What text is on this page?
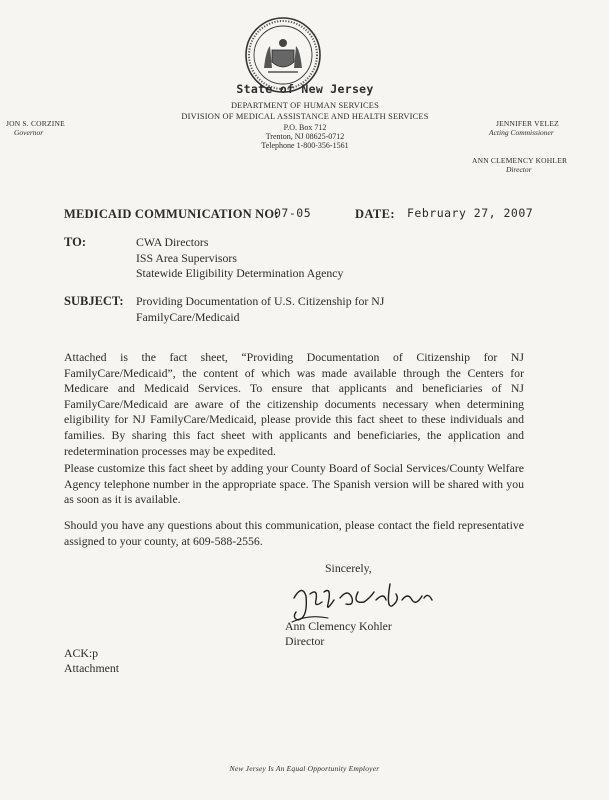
State of New Jersey
DEPARTMENT OF HUMAN SERVICES
DIVISION OF MEDICAL ASSISTANCE AND HEALTH SERVICES
P.O. Box 712
Trenton, NJ 08625-0712
Telephone 1-800-356-1561
JON S. CORZINE
Governor
JENNIFER VELEZ
Acting Commissioner
ANN CLEMENCY KOHLER
Director
MEDICAID COMMUNICATION NO:
07-05	DATE: February 27, 2007
TO:	CWA Directors
ISS Area Supervisors
Statewide Eligibility Determination Agency
SUBJECT: Providing Documentation of U.S. Citizenship for NJ FamilyCare/Medicaid
Attached is the fact sheet, “Providing Documentation of Citizenship for NJ FamilyCare/Medicaid”, the content of which was made available through the Centers for Medicare and Medicaid Services. To ensure that applicants and beneficiaries of NJ FamilyCare/Medicaid are aware of the citizenship documents necessary when determining eligibility for NJ FamilyCare/Medicaid, please provide this fact sheet to these individuals and families. By sharing this fact sheet with applicants and beneficiaries, the application and redetermination processes may be expedited.
Please customize this fact sheet by adding your County Board of Social Services/County Welfare Agency telephone number in the appropriate space. The Spanish version will be shared with you as soon as it is available.
Should you have any questions about this communication, please contact the field representative assigned to your county, at 609-588-2556.
Sincerely,
Ann Clemency Kohler
Director
ACK:p
Attachment
New Jersey Is An Equal Opportunity Employer
